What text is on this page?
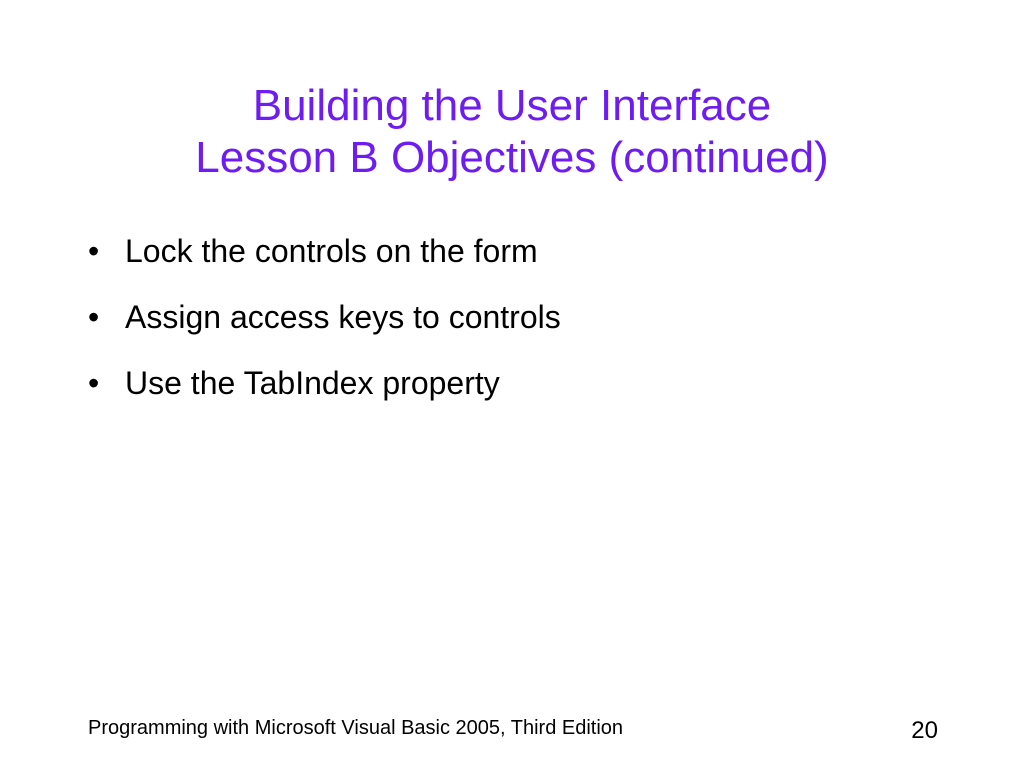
Building the User Interface
Lesson B Objectives (continued)
• Lock the controls on the form
• Assign access keys to controls
• Use the TabIndex property
Programming with Microsoft Visual Basic 2005, Third Edition	20
